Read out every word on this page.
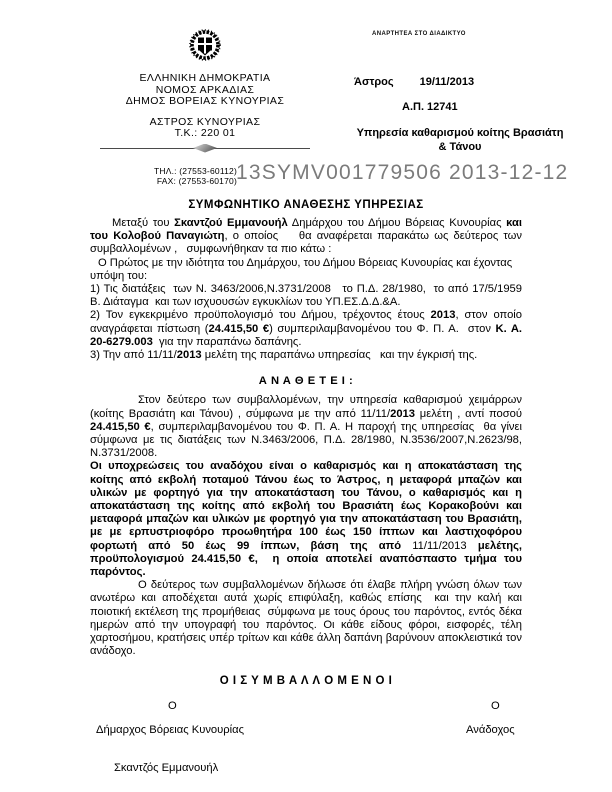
ΑΝΑΡΤΗΤΕΑ ΣΤΟ ΔΙΑΔΙΚΤΥΟ
ΕΛΛΗΝΙΚΗ ΔΗΜΟΚΡΑΤΙΑ
ΝΟΜΟΣ ΑΡΚΑΔΙΑΣ
ΔΗΜΟΣ ΒΟΡΕΙΑΣ ΚΥΝΟΥΡΙΑΣ
ΑΣΤΡΟΣ ΚΥΝΟΥΡΙΑΣ
Τ.Κ.: 220 01
ΤΗΛ.: (27553-60112)
FAX: (27553-60170)
Άστρος 19/11/2013
Α.Π. 12741
Υπηρεσία καθαρισμού κοίτης Βρασιάτη
& Τάνου
13SYMV001779506 2013-12-12
ΣΥΜΦΩΝΗΤΙΚΟ ΑΝΑΘΕΣΗΣ ΥΠΗΡΕΣΙΑΣ
Μεταξύ του Σκαντζού Εμμανουήλ Δημάρχου του Δήμου Βόρειας Κυνουρίας και του Κολοβού Παναγιώτη, ο οποίος    θα αναφέρεται παρακάτω ως δεύτερος των συμβαλλομένων ,   συμφωνήθηκαν τα πιο κάτω :
Ο Πρώτος με την ιδιότητα του Δημάρχου, του Δήμου Βόρειας Κυνουρίας και έχοντας υπόψη του:
1) Τις διατάξεις  των Ν. 3463/2006,Ν.3731/2008   το Π.Δ. 28/1980,  το από 17/5/1959 Β. Διάταγμα  και των ισχυουσών εγκυκλίων του ΥΠ.ΕΣ.Δ.Δ.&Α.
2) Τον εγκεκριμένο προϋπολογισμό του Δήμου, τρέχοντος έτους 2013, στον οποίο αναγράφεται πίστωση (24.415,50 €) συμπεριλαμβανομένου του Φ. Π. Α.  στον Κ. Α. 20-6279.003  για την παραπάνω δαπάνης.
3) Την από 11/11/2013 μελέτη της παραπάνω υπηρεσίας   και την έγκρισή της.
Α Ν Α Θ Ε Τ Ε Ι :
Στον δεύτερο των συμβαλλομένων, την υπηρεσία καθαρισμού χειμάρρων (κοίτης Βρασιάτη και Τάνου) , σύμφωνα με την από 11/11/2013 μελέτη , αντί ποσού 24.415,50 €, συμπεριλαμβανομένου του Φ. Π. Α. Η παροχή της υπηρεσίας  θα γίνει σύμφωνα με τις διατάξεις των Ν.3463/2006, Π.Δ. 28/1980, Ν.3536/2007,Ν.2623/98, Ν.3731/2008.
Οι υποχρεώσεις του αναδόχου είναι ο καθαρισμός και η αποκατάσταση της κοίτης από εκβολή ποταμού Τάνου έως το Άστρος, η μεταφορά μπαζών και υλικών με φορτηγό για την αποκατάσταση του Τάνου, ο καθαρισμός και η αποκατάσταση της κοίτης από εκβολή του Βρασιάτη έως Κορακοβούνι και μεταφορά μπαζών και υλικών με φορτηγό για την αποκατάσταση του Βρασιάτη, με με ερπυστριοφόρο προωθητήρα 100 έως 150 ίππων και λαστιχοφόρου φορτωτή από 50 έως 99 ίππων, βάση της από 11/11/2013 μελέτης, προϋπολογισμού 24.415,50 €,  η οποία αποτελεί αναπόσπαστο τμήμα του παρόντος.
Ο δεύτερος των συμβαλλομένων δήλωσε ότι έλαβε πλήρη γνώση όλων των ανωτέρω και αποδέχεται αυτά χωρίς επιφύλαξη, καθώς επίσης  και την καλή και ποιοτική εκτέλεση της προμήθειας  σύμφωνα με τους όρους του παρόντος, εντός δέκα ημερών από την υπογραφή του παρόντος. Οι κάθε είδους φόροι, εισφορές, τέλη χαρτοσήμου, κρατήσεις υπέρ τρίτων και κάθε άλλη δαπάνη βαρύνουν αποκλειστικά τον ανάδοχο.
Ο Ι Σ Υ Μ Β Α Λ Λ Ο Μ Ε Ν Ο Ι
Ο	Ο
Δήμαρχος Βόρειας Κυνουρίας	Ανάδοχος
Σκαντζός Εμμανουήλ
